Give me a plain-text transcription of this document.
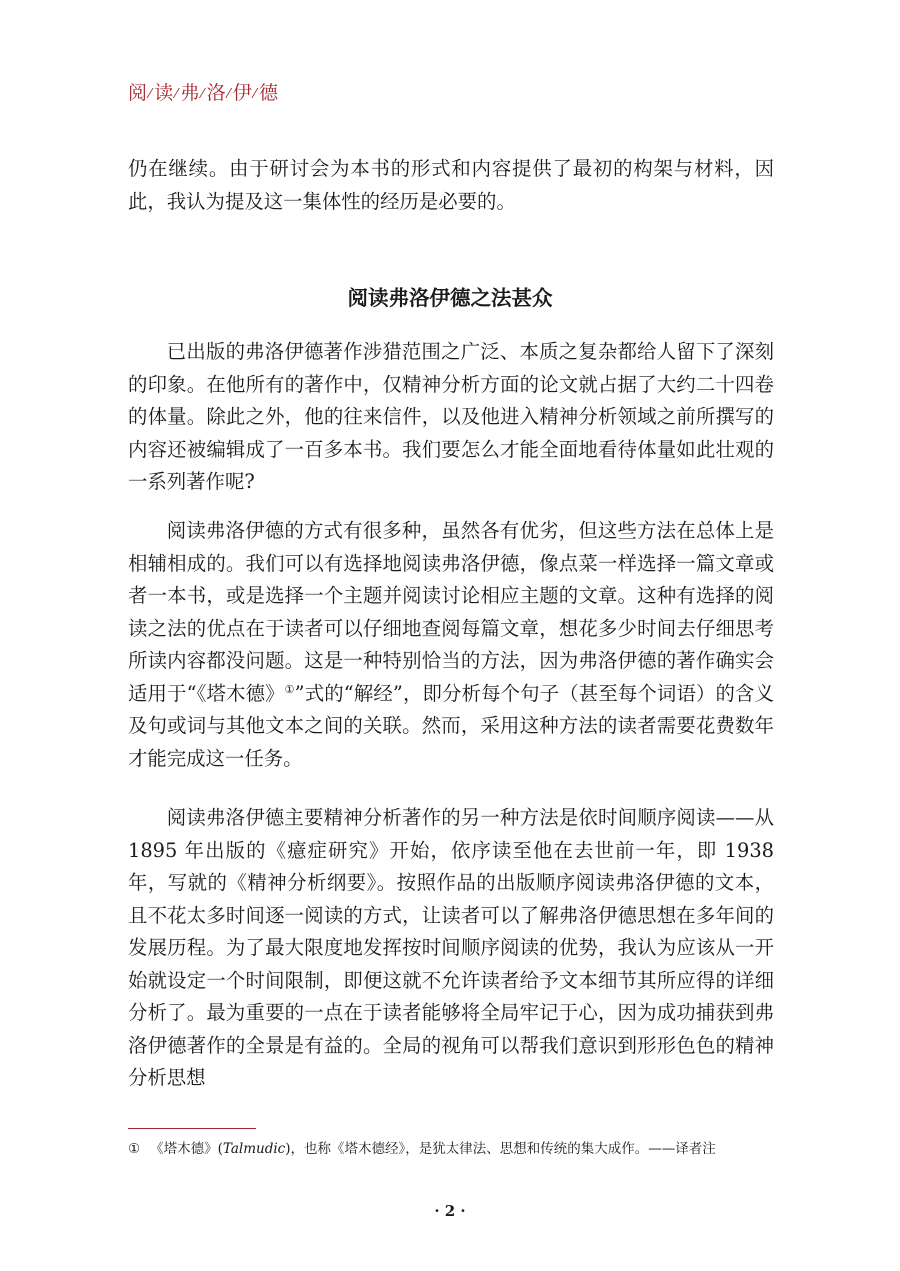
阅 ⁄ 读 ⁄ 弗 ⁄ 洛 ⁄ 伊 ⁄ 德

仍在继续。由于研讨会为本书的形式和内容提供了最初的构架与材料，因此，我认为提及这一集体性的经历是必要的。

阅读弗洛伊德之法甚众

已出版的弗洛伊德著作涉猎范围之广泛、本质之复杂都给人留下了深刻的印象。在他所有的著作中，仅精神分析方面的论文就占据了大约二十四卷的体量。除此之外，他的往来信件，以及他进入精神分析领域之前所撰写的内容还被编辑成了一百多本书。我们要怎么才能全面地看待体量如此壮观的一系列著作呢?

阅读弗洛伊德的方式有很多种，虽然各有优劣，但这些方法在总体上是相辅相成的。我们可以有选择地阅读弗洛伊德，像点菜一样选择一篇文章或者一本书，或是选择一个主题并阅读讨论相应主题的文章。这种有选择的阅读之法的优点在于读者可以仔细地查阅每篇文章，想花多少时间去仔细思考所读内容都没问题。这是一种特别恰当的方法，因为弗洛伊德的著作确实会适用于“《塔木德》①”式的“解经”，即分析每个句子（甚至每个词语）的含义及句或词与其他文本之间的关联。然而，采用这种方法的读者需要花费数年才能完成这一任务。

阅读弗洛伊德主要精神分析著作的另一种方法是依时间顺序阅读——从1895 年出版的《癔症研究》开始，依序读至他在去世前一年，即 1938 年，写就的《精神分析纲要》。按照作品的出版顺序阅读弗洛伊德的文本，且不花太多时间逐一阅读的方式，让读者可以了解弗洛伊德思想在多年间的发展历程。为了最大限度地发挥按时间顺序阅读的优势，我认为应该从一开始就设定一个时间限制，即便这就不允许读者给予文本细节其所应得的详细分析了。最为重要的一点在于读者能够将全局牢记于心，因为成功捕获到弗洛伊德著作的全景是有益的。全局的视角可以帮我们意识到形形色色的精神分析思想

① 《塔木德》(Talmudic)，也称《塔木德经》，是犹太律法、思想和传统的集大成作。——译者注

· 2 ·
